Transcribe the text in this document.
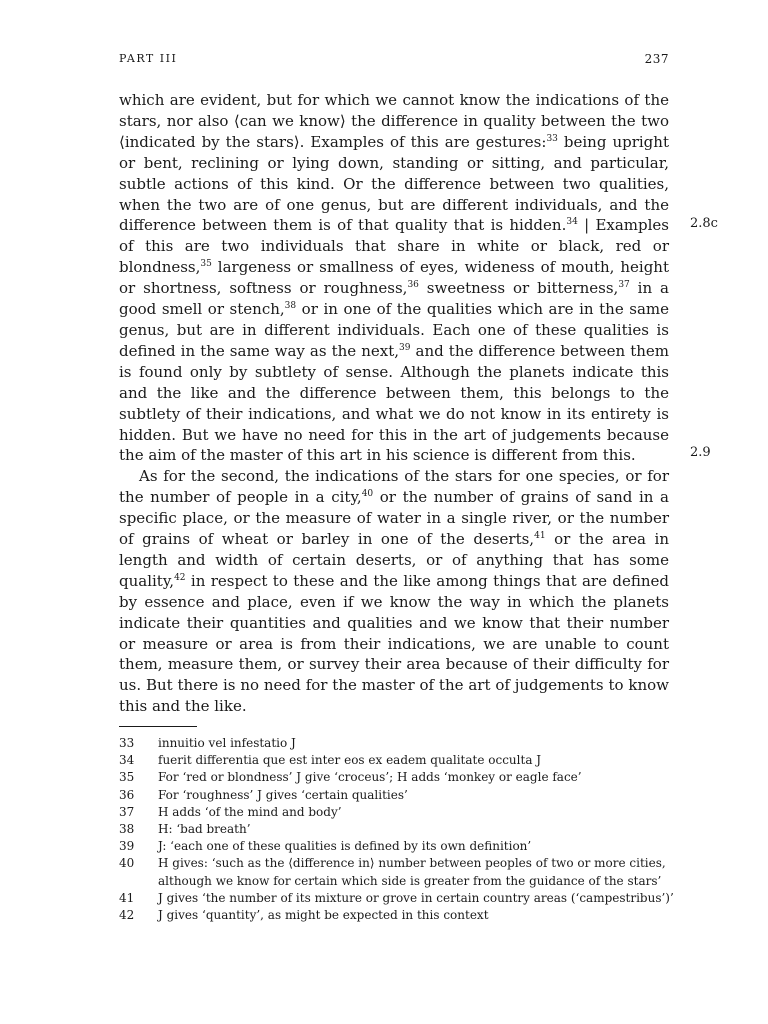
PART III	237

which are evident, but for which we cannot know the indications of the stars, nor also ⟨can we know⟩ the difference in quality between the two ⟨indicated by the stars⟩. Examples of this are gestures:$^{33}$ being upright or bent, reclining or lying down, standing or sitting, and particular, subtle actions of this kind. Or the difference between two qualities, when the two are of one genus, but are different individuals, and the difference between them is of that quality that is hidden.$^{34}$ | Examples of this are two individuals that share in white or black, red or blondness,$^{35}$ largeness or smallness of eyes, wideness of mouth, height or shortness, softness or roughness,$^{36}$ sweetness or bitterness,$^{37}$ in a good smell or stench,$^{38}$ or in one of the qualities which are in the same genus, but are in different individuals. Each one of these qualities is defined in the same way as the next,$^{39}$ and the difference between them is found only by subtlety of sense. Although the planets indicate this and the like and the difference between them, this belongs to the subtlety of their indications, and what we do not know in its entirety is hidden. But we have no need for this in the art of judgements because the aim of the master of this art in his science is different from this.

As for the second, the indications of the stars for one species, or for the number of people in a city,$^{40}$ or the number of grains of sand in a specific place, or the measure of water in a single river, or the number of grains of wheat or barley in one of the deserts,$^{41}$ or the area in length and width of certain deserts, or of anything that has some quality,$^{42}$ in respect to these and the like among things that are defined by essence and place, even if we know the way in which the planets indicate their quantities and qualities and we know that their number or measure or area is from their indications, we are unable to count them, measure them, or survey their area because of their difficulty for us. But there is no need for the master of the art of judgements to know this and the like.

2.8c
2.9
33	innuitio vel infestatio J
34	fuerit differentia que est inter eos ex eadem qualitate occulta J
35	For ‘red or blondness’ J give ‘croceus’; H adds ‘monkey or eagle face’
36	For ‘roughness’ J gives ‘certain qualities’
37	H adds ‘of the mind and body’
38	H: ‘bad breath’
39	J: ‘each one of these qualities is defined by its own definition’
40	H gives: ‘such as the ⟨difference in⟩ number between peoples of two or more cities, although we know for certain which side is greater from the guidance of the stars’
41	J gives ‘the number of its mixture or grove in certain country areas (‘campestribus’)’
42	J gives ‘quantity’, as might be expected in this context
